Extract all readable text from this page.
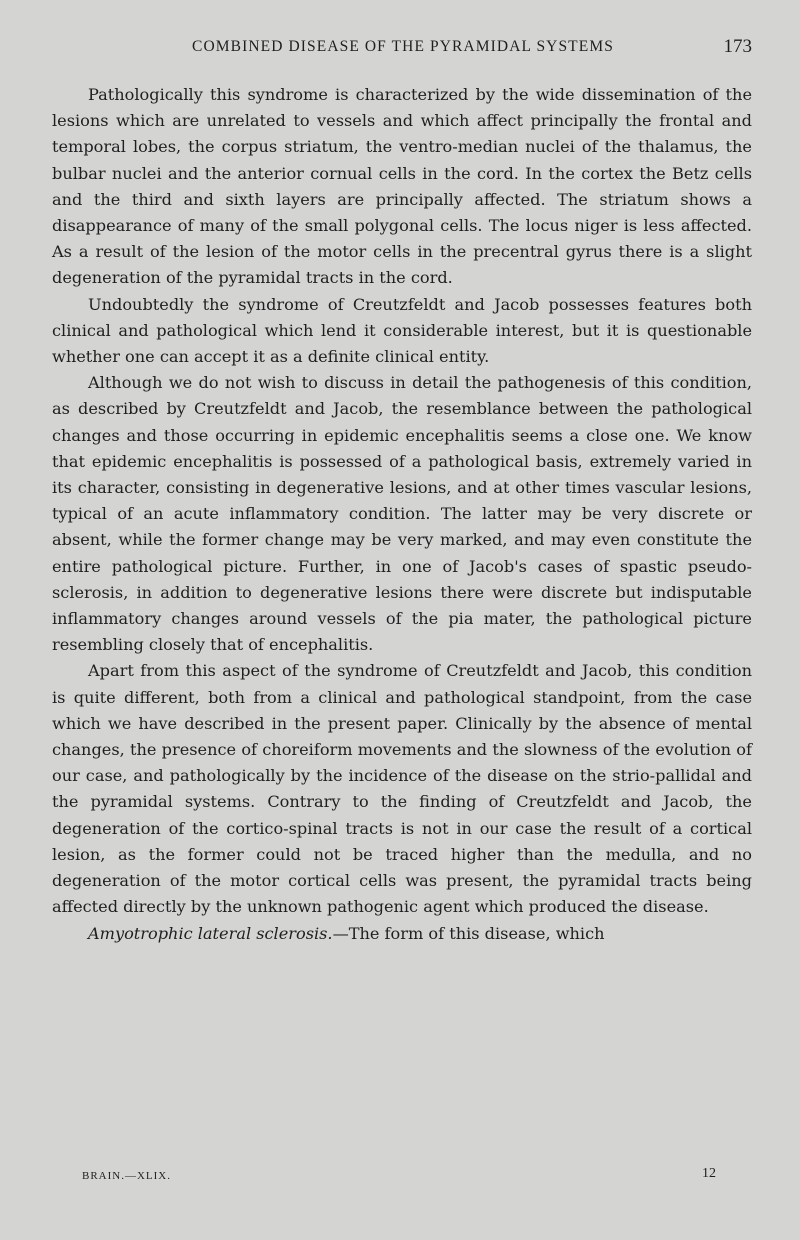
COMBINED DISEASE OF THE PYRAMIDAL SYSTEMS	173

Pathologically this syndrome is characterized by the wide dissemination of the lesions which are unrelated to vessels and which affect principally the frontal and temporal lobes, the corpus striatum, the ventro-median nuclei of the thalamus, the bulbar nuclei and the anterior cornual cells in the cord. In the cortex the Betz cells and the third and sixth layers are principally affected. The striatum shows a disappearance of many of the small polygonal cells. The locus niger is less affected. As a result of the lesion of the motor cells in the precentral gyrus there is a slight degeneration of the pyramidal tracts in the cord.

Undoubtedly the syndrome of Creutzfeldt and Jacob possesses features both clinical and pathological which lend it considerable interest, but it is questionable whether one can accept it as a definite clinical entity.

Although we do not wish to discuss in detail the pathogenesis of this condition, as described by Creutzfeldt and Jacob, the resemblance between the pathological changes and those occurring in epidemic encephalitis seems a close one. We know that epidemic encephalitis is possessed of a pathological basis, extremely varied in its character, consisting in degenerative lesions, and at other times vascular lesions, typical of an acute inflammatory condition. The latter may be very discrete or absent, while the former change may be very marked, and may even constitute the entire pathological picture. Further, in one of Jacob's cases of spastic pseudo-sclerosis, in addition to degenerative lesions there were discrete but indisputable inflammatory changes around vessels of the pia mater, the pathological picture resembling closely that of encephalitis.

Apart from this aspect of the syndrome of Creutzfeldt and Jacob, this condition is quite different, both from a clinical and pathological standpoint, from the case which we have described in the present paper. Clinically by the absence of mental changes, the presence of choreiform movements and the slowness of the evolution of our case, and pathologically by the incidence of the disease on the strio-pallidal and the pyramidal systems. Contrary to the finding of Creutzfeldt and Jacob, the degeneration of the cortico-spinal tracts is not in our case the result of a cortical lesion, as the former could not be traced higher than the medulla, and no degeneration of the motor cortical cells was present, the pyramidal tracts being affected directly by the unknown pathogenic agent which produced the disease.

Amyotrophic lateral sclerosis.—The form of this disease, which

BRAIN.—XLIX.	12
